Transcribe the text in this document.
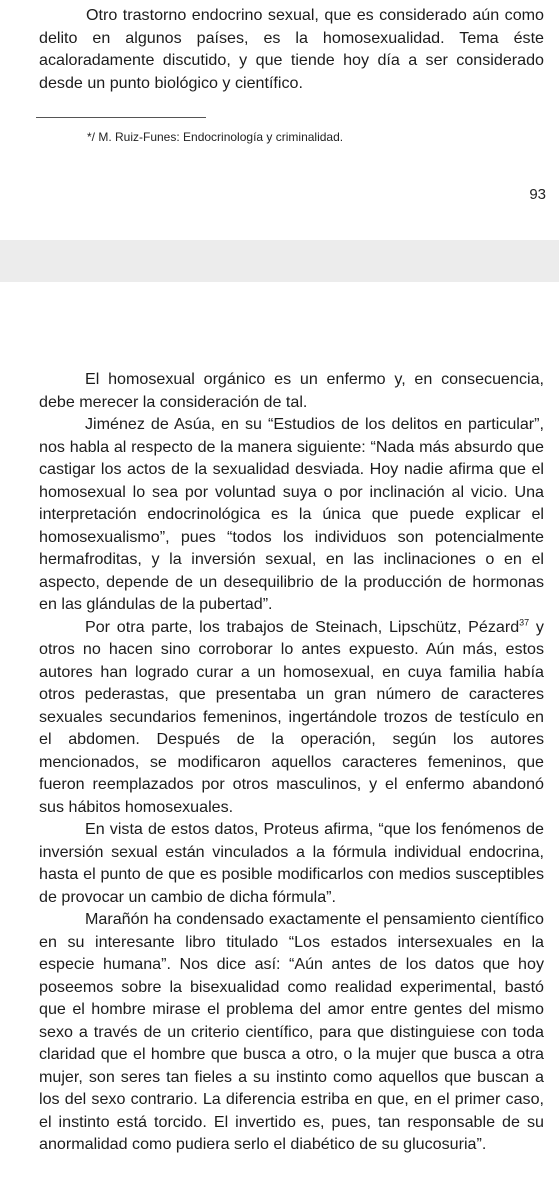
Otro trastorno endocrino sexual, que es considerado aún como delito en algunos países, es la homosexualidad. Tema éste acaloradamente discutido, y que tiende hoy día a ser considerado desde un punto biológico y científico.

*/ M. Ruiz-Funes: Endocrinología y criminalidad.
93

El homosexual orgánico es un enfermo y, en consecuencia, debe merecer la consideración de tal.

Jiménez de Asúa, en su “Estudios de los delitos en particular”, nos habla al respecto de la manera siguiente: “Nada más absurdo que castigar los actos de la sexualidad desviada. Hoy nadie afirma que el homosexual lo sea por voluntad suya o por inclinación al vicio. Una interpretación endocrinológica es la única que puede explicar el homosexualismo”, pues “todos los individuos son potencialmente hermafroditas, y la inversión sexual, en las inclinaciones o en el aspecto, depende de un desequilibrio de la producción de hormonas en las glándulas de la pubertad”.

Por otra parte, los trabajos de Steinach, Lipschütz, Pézard$^{37}$ y otros no hacen sino corroborar lo antes expuesto. Aún más, estos autores han logrado curar a un homosexual, en cuya familia había otros pederastas, que presentaba un gran número de caracteres sexuales secundarios femeninos, ingertándole trozos de testículo en el abdomen. Después de la operación, según los autores mencionados, se modificaron aquellos caracteres femeninos, que fueron reemplazados por otros masculinos, y el enfermo abandonó sus hábitos homosexuales.

En vista de estos datos, Proteus afirma, “que los fenómenos de inversión sexual están vinculados a la fórmula individual endocrina, hasta el punto de que es posible modificarlos con medios susceptibles de provocar un cambio de dicha fórmula”.

Marañón ha condensado exactamente el pensamiento científico en su interesante libro titulado “Los estados intersexuales en la especie humana”. Nos dice así: “Aún antes de los datos que hoy poseemos sobre la bisexualidad como realidad experimental, bastó que el hombre mirase el problema del amor entre gentes del mismo sexo a través de un criterio científico, para que distinguiese con toda claridad que el hombre que busca a otro, o la mujer que busca a otra mujer, son seres tan fieles a su instinto como aquellos que buscan a los del sexo contrario. La diferencia estriba en que, en el primer caso, el instinto está torcido. El invertido es, pues, tan responsable de su anormalidad como pudiera serlo el diabético de su glucosuria”.
